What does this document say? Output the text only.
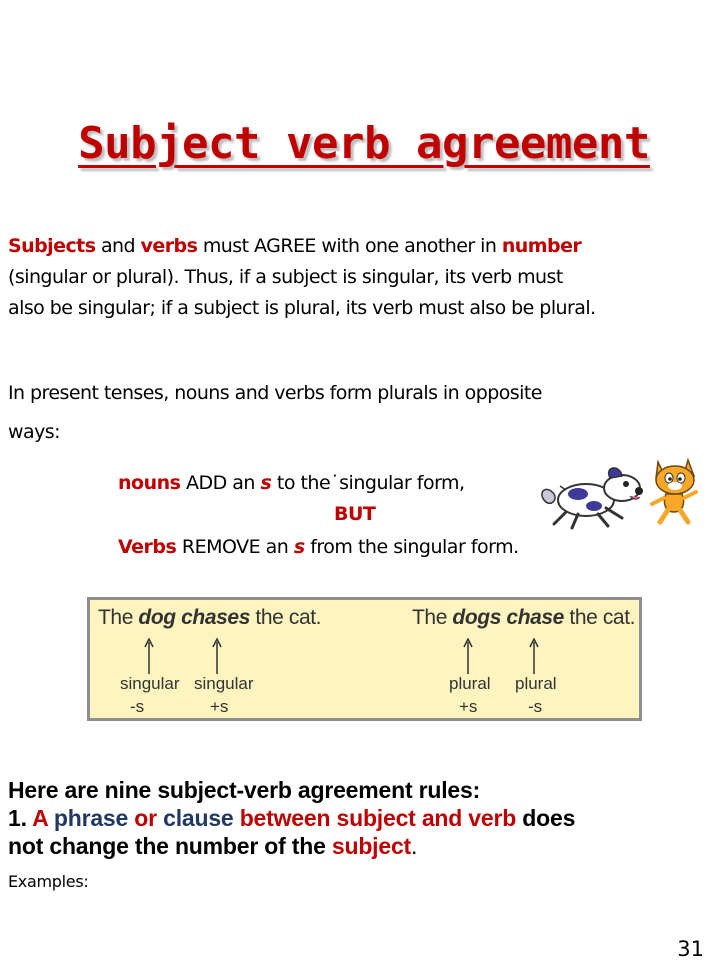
Subject verb agreement
Subjects and verbs must AGREE with one another in number
(singular or plural). Thus, if a subject is singular, its verb must
also be singular; if a subject is plural, its verb must also be plural.
In present tenses, nouns and verbs form plurals in opposite
ways:
nouns ADD an s to the˙singular form,
BUT
Verbs REMOVE an s from the singular form.
The dog chases the cat.	The dogs chase the cat.
singular
-s
singular
+s
plural
+s
plural
-s
Here are nine subject-verb agreement rules:
1. A phrase or clause between subject and verb does
not change the number of the subject.
Examples:
31
